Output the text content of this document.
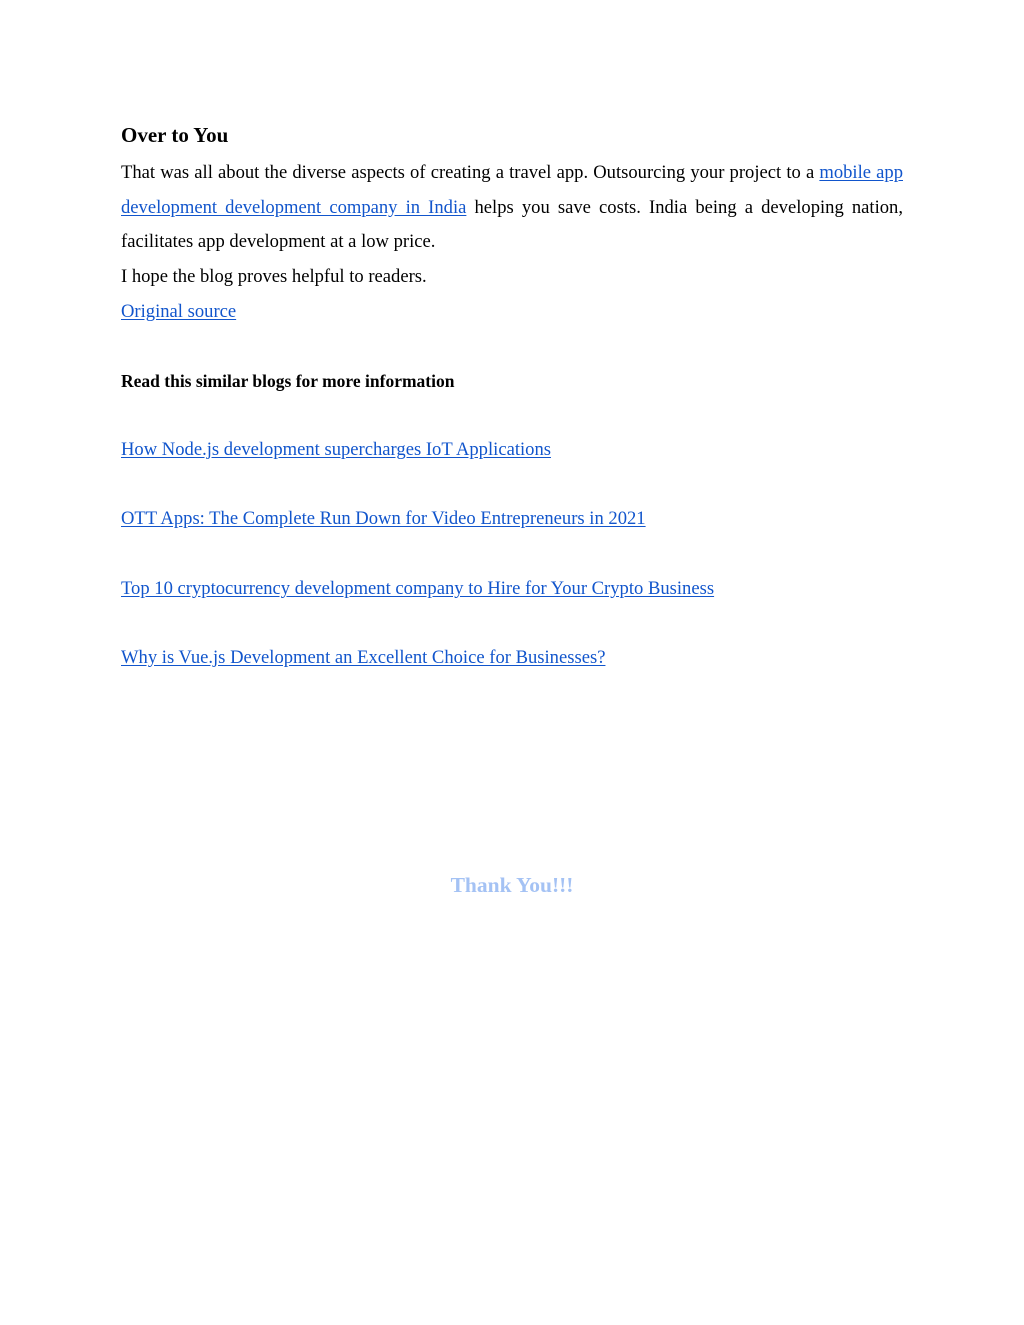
Over to You

That was all about the diverse aspects of creating a travel app. Outsourcing your project to a mobile app development development company in India helps you save costs. India being a developing nation, facilitates app development at a low price.

I hope the blog proves helpful to readers.

Original source

Read this similar blogs for more information

How Node.js development supercharges IoT Applications

OTT Apps: The Complete Run Down for Video Entrepreneurs in 2021

Top 10 cryptocurrency development company to Hire for Your Crypto Business

Why is Vue.js Development an Excellent Choice for Businesses?

Thank You!!!
